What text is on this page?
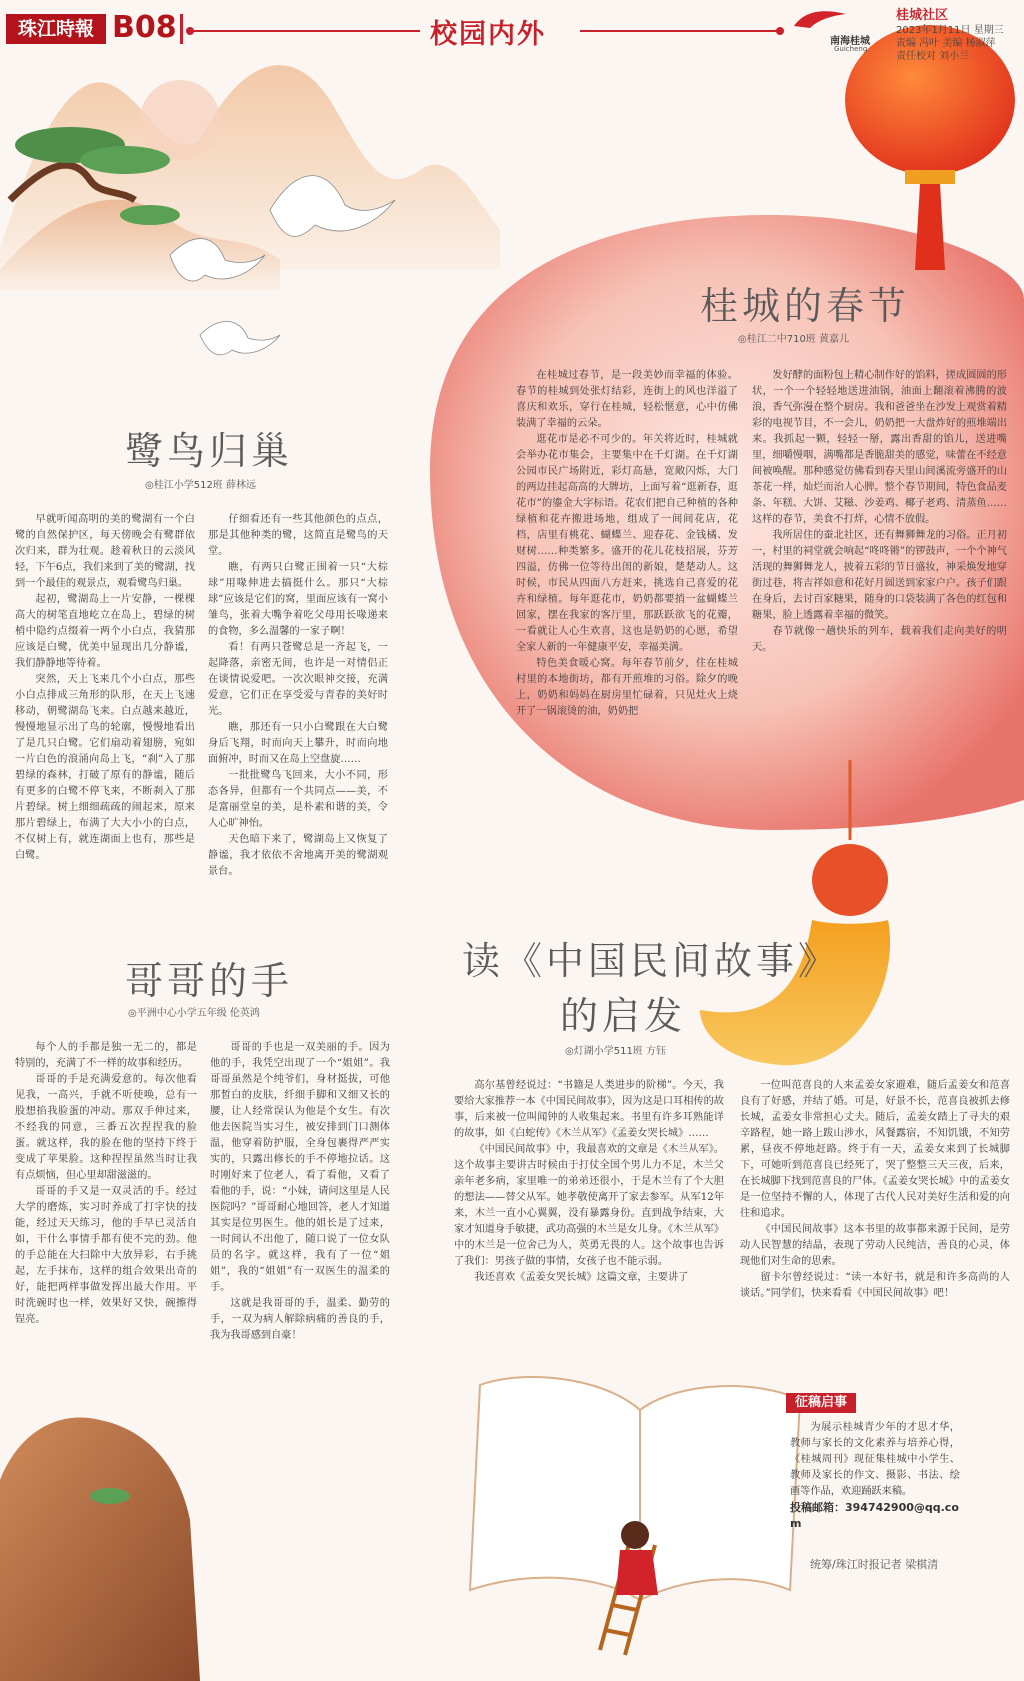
珠江時報 B08	校园内外	南海桂城
Guicheng
桂城社区
2023年1月11日 星期三
责编 冯叶 美编 杨淑萍
责任校对 刘小兰
鹭鸟归巢
◎桂江小学512班 薛林远

早就听闻高明的美的鹭湖有一个白鹭的自然保护区，每天傍晚会有鹭群依次归来，群为壮观。趁着秋日的云淡风轻，下午6点，我们来到了美的鹭湖，找到一个最佳的观景点，观看鹭鸟归巢。

起初，鹭湖岛上一片安静，一棵棵高大的树笔直地屹立在岛上，碧绿的树梢中隐约点缀着一两个小白点，我猜那应该是白鹭，优美中显现出几分静谧，我们静静地等待着。

突然，天上飞来几个小白点，那些小白点排成三角形的队形，在天上飞速移动，朝鹭湖岛飞来。白点越来越近，慢慢地显示出了鸟的轮廓，慢慢地看出了是几只白鹭。它们扇动着翅膀，宛如一片白色的浪涌向岛上飞，“刹”入了那碧绿的森林，打破了原有的静谧，随后有更多的白鹭不停飞来，不断刹入了那片碧绿。树上细细疏疏的闹起来，原来那片碧绿上，布满了大大小小的白点，不仅树上有，就连湖面上也有，那些是白鹭。

仔细看还有一些其他颜色的点点，那是其他种类的鹭，这简直是鹭鸟的天堂。

瞧，有两只白鹭正围着一只“大棕球”用喙伸进去搞挺什么。那只“大棕球”应该是它们的窝，里面应该有一窝小雏鸟，张着大嘴争着吃父母用长喙递来的食物，多么温馨的一家子啊！

看！有两只苍鹭总是一齐起飞，一起降落，亲密无间，也许是一对情侣正在谈情说爱吧。一次次眼神交接，充满爱意，它们正在享受爱与青春的美好时光。

瞧，那还有一只小白鹭跟在大白鹭身后飞翔，时而向天上攀升，时而向地面俯冲，时而又在岛上空盘旋……

一批批鹭鸟飞回来，大小不同，形态各异，但都有一个共同点——美，不是富丽堂皇的美，是朴素和谐的美，令人心旷神怡。

天色暗下来了，鹭湖岛上又恢复了静谧，我才依依不舍地离开美的鹭湖观景台。

桂城的春节
◎桂江二中710班 黄嘉儿

在桂城过春节，是一段美妙而幸福的体验。春节的桂城到处张灯结彩，连街上的风也洋溢了喜庆和欢乐，穿行在桂城，轻松惬意，心中仿佛装满了幸福的云朵。

逛花市是必不可少的。年关将近时，桂城就会举办花市集会，主要集中在千灯湖。在千灯湖公园市民广场附近，彩灯高悬，宽敞闪烁，大门的两边挂起高高的大牌坊，上面写着“逛新春，逛花市”的鎏金大字标语。花农们把自己种植的各种绿植和花卉搬进场地，组成了一间间花店，花档，店里有桃花、蝴蝶兰、迎春花、金钱橘、发财树……种类繁多。盛开的花儿花枝招展，芬芳四溢，仿佛一位等待出闺的新娘，楚楚动人。这时候，市民从四面八方赶来，挑选自己喜爱的花卉和绿植。每年逛花市，奶奶都要捎一盆蝴蝶兰回家，摆在我家的客厅里，那跃跃欲飞的花瓣，一看就让人心生欢喜，这也是奶奶的心愿，希望全家人新的一年健康平安，幸福美满。

特色美食暖心窝。每年春节前夕，住在桂城村里的本地街坊，都有开煎堆的习俗。除夕的晚上，奶奶和妈妈在厨房里忙碌着，只见灶火上烧开了一锅滚烫的油，奶奶把

发好酵的面粉包上精心制作好的馅料，搓成圆圆的形状，一个一个轻轻地送进油锅，油面上翻滚着沸腾的波浪，香气弥漫在整个厨房。我和爸爸坐在沙发上观赏着精彩的电视节目，不一会儿，奶奶把一大盘炸好的煎堆端出来。我抓起一颗，轻轻一掰，露出香甜的馅儿，送进嘴里，细嚼慢咽，满嘴都是香脆甜美的感觉，味蕾在不经意间被唤醒。那种感觉仿佛看到春天里山间溪流旁盛开的山茶花一样，灿烂而治人心脾。整个春节期间，特色食品麦条、年糕、大饼、艾糍、沙姜鸡、椰子老鸡、清蒸鱼……这样的春节，美食不打烊，心情不放假。

我所居住的蚕北社区，还有舞狮舞龙的习俗。正月初一，村里的祠堂就会响起“咚咚锵”的锣鼓声，一个个神气活现的舞狮舞龙人，披着五彩的节日盛妆，神采焕发地穿街过巷，将吉祥如意和花好月圆送到家家户户。孩子们跟在身后，去讨百家糖果，随身的口袋装满了各色的红包和糖果，脸上透露着幸福的微笑。

春节就像一趟快乐的列车，载着我们走向美好的明天。

哥哥的手
◎平洲中心小学五年级 伦英鸿

每个人的手都是独一无二的，都是特别的，充满了不一样的故事和经历。

哥哥的手是充满爱意的。每次他看见我，一高兴，手就不听使唤，总有一股想掐我脸蛋的冲动。那双手伸过来，不经我的同意，三番五次捏捏我的脸蛋。就这样，我的脸在他的坚持下终于变成了苹果脸。这种捏捏虽然当时让我有点烦恼，但心里却甜滋滋的。

哥哥的手又是一双灵活的手。经过大学的磨炼，实习时养成了打字快的技能，经过天天练习，他的手早已灵活自如，干什么事情手都有使不完的劲。他的手总能在大扫除中大放异彩，右手挑起，左手抹布，这样的组合效果出奇的好，能把两样事做发挥出最大作用。平时洗碗时也一样，效果好又快，碗擦得锃亮。

哥哥的手也是一双美丽的手。因为他的手，我凭空出现了一个“姐姐”。我哥哥虽然是个纯爷们，身材挺拔，可他那皙白的皮肤，纤细手脚和又细又长的腰，让人经常误认为他是个女生。有次他去医院当实习生，被安排到门口测体温，他穿着防护服，全身包裹得严严实实的，只露出修长的手不停地拉话。这时刚好来了位老人，看了看他，又看了看他的手，说：“小妹，请问这里是人民医院吗？”哥哥耐心地回答，老人才知道其实是位男医生。他的姐长是了过来，一时间认不出他了，随口说了一位女队员的名字。就这样，我有了一位“姐姐”，我的“姐姐”有一双医生的温柔的手。

这就是我哥哥的手，温柔、勤劳的手，一双为病人解除病痛的善良的手，我为我哥感到自豪！

读《中国民间故事》
的启发
◎灯湖小学511班 方钰

高尔基曾经说过：“书籍是人类进步的阶梯”。今天，我要给大家推荐一本《中国民间故事》，因为这是口耳相传的故事，后来被一位叫闻钟的人收集起来。书里有许多耳熟能详的故事，如《白蛇传》《木兰从军》《孟姜女哭长城》……

《中国民间故事》中，我最喜欢的文章是《木兰从军》。这个故事主要讲古时候由于打仗全国个男儿力不足，木兰父亲年老多病，家里唯一的弟弟还很小，于是木兰有了个大胆的想法——替父从军。她孝敬使离开了家去参军。从军12年来，木兰一直小心翼翼，没有暴露身份。直到战争结束，大家才知道身手敏捷，武功高强的木兰是女儿身。《木兰从军》中的木兰是一位舍己为人，英勇无畏的人。这个故事也告诉了我们：男孩子做的事情，女孩子也不能示弱。

我还喜欢《孟姜女哭长城》这篇文章，主要讲了

一位叫范喜良的人来孟姜女家避难，随后孟姜女和范喜良有了好感，并结了婚。可是，好景不长，范喜良被抓去修长城，孟姜女非常担心丈夫。随后，孟姜女踏上了寻夫的艰辛路程，她一路上跋山涉水，风餐露宿，不知饥饿，不知劳累，昼夜不停地赶路。终于有一天，孟姜女来到了长城脚下，可她听到范喜良已经死了，哭了整整三天三夜，后来，在长城脚下找到范喜良的尸体。《孟姜女哭长城》中的孟姜女是一位坚持不懈的人，体现了古代人民对美好生活和爱的向往和追求。

《中国民间故事》这本书里的故事都来源于民间，是劳动人民智慧的结晶，表现了劳动人民纯洁，善良的心灵，体现他们对生命的思索。

留卡尔曾经说过：“读一本好书，就是和许多高尚的人谈话。”同学们，快来看看《中国民间故事》吧！

征稿启事

为展示桂城青少年的才思才华，教师与家长的文化素养与培养心得，《桂城周刊》现征集桂城中小学生、教师及家长的作文、摄影、书法、绘画等作品，欢迎踊跃来稿。

投稿邮箱：394742900@qq.com
统筹/珠江时报记者 梁棋清
